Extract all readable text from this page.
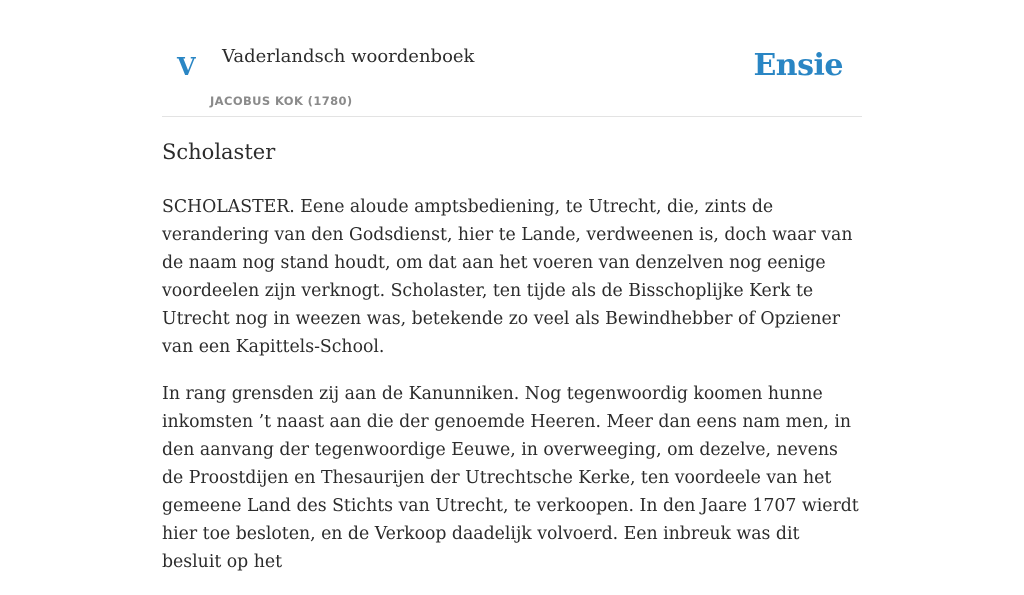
V Vaderlandsch woordenboek
JACOBUS KOK (1780)
Ensie
Scholaster

SCHOLASTER. Eene aloude amptsbediening, te Utrecht, die, zints de verandering van den Godsdienst, hier te Lande, verdweenen is, doch waar van de naam nog stand houdt, om dat aan het voeren van denzelven nog eenige voordeelen zijn verknogt. Scholaster, ten tijde als de Bisschoplijke Kerk te Utrecht nog in weezen was, betekende zo veel als Bewindhebber of Opziener van een Kapittels-School.

In rang grensden zij aan de Kanunniken. Nog tegenwoordig koomen hunne inkomsten ’t naast aan die der genoemde Heeren. Meer dan eens nam men, in den aanvang der tegenwoordige Eeuwe, in overweeging, om dezelve, nevens de Proostdijen en Thesaurijen der Utrechtsche Kerke, ten voordeele van het gemeene Land des Stichts van Utrecht, te verkoopen. In den Jaare 1707 wierdt hier toe besloten, en de Verkoop daadelijk volvoerd. Een inbreuk was dit besluit op het
